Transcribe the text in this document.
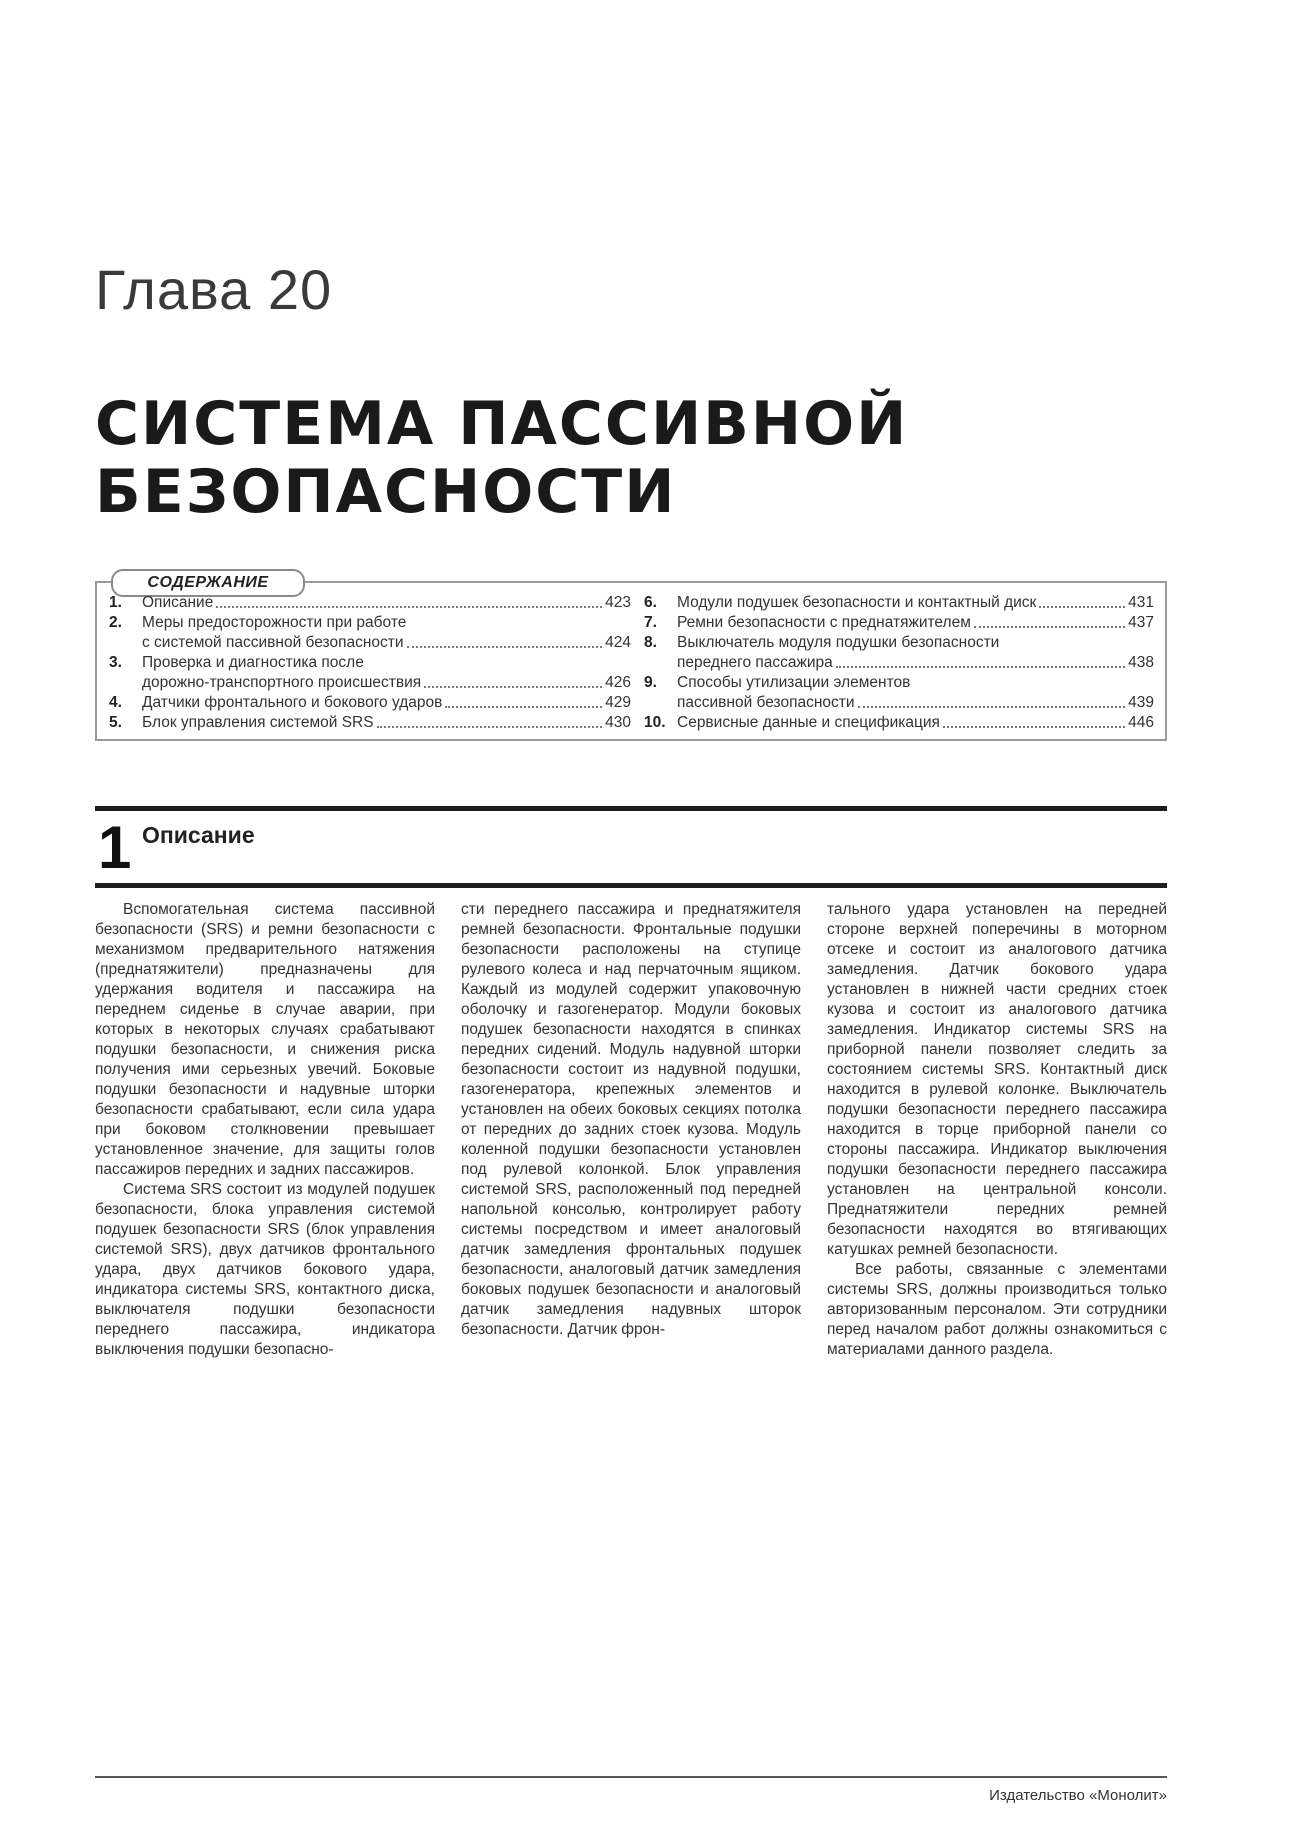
Глава 20
СИСТЕМА ПАССИВНОЙ
БЕЗОПАСНОСТИ
СОДЕРЖАНИЕ
1.	Описание	423
2.	Меры предосторожности при работе
с системой пассивной безопасности	424
3.	Проверка и диагностика после
дорожно-транспортного происшествия	426
4.	Датчики фронтального и бокового ударов	429
5.	Блок управления системой SRS	430
6.	Модули подушек безопасности и контактный диск	431
7.	Ремни безопасности с преднатяжителем	437
8.	Выключатель модуля подушки безопасности
переднего пассажира	438
9.	Способы утилизации элементов
пассивной безопасности	439
10. Сервисные данные и спецификация	446
1 Описание

Вспомогательная система пассивной безопасности (SRS) и ремни безопасности с механизмом предварительного натяжения (преднатяжители) предназначены для удержания водителя и пассажира на переднем сиденье в случае аварии, при которых в некоторых случаях срабатывают подушки безопасности, и снижения риска получения ими серьезных увечий. Боковые подушки безопасности и надувные шторки безопасности срабатывают, если сила удара при боковом столкновении превышает установленное значение, для защиты голов пассажиров передних и задних пассажиров.

Система SRS состоит из модулей подушек безопасности, блока управления системой подушек безопасности SRS (блок управления системой SRS), двух датчиков фронтального удара, двух датчиков бокового удара, индикатора системы SRS, контактного диска, выключателя подушки безопасности переднего пассажира, индикатора выключения подушки безопасно-

сти переднего пассажира и преднатяжителя ремней безопасности. Фронтальные подушки безопасности расположены на ступице рулевого колеса и над перчаточным ящиком. Каждый из модулей содержит упаковочную оболочку и газогенератор. Модули боковых подушек безопасности находятся в спинках передних сидений. Модуль надувной шторки безопасности состоит из надувной подушки, газогенератора, крепежных элементов и установлен на обеих боковых секциях потолка от передних до задних стоек кузова. Модуль коленной подушки безопасности установлен под рулевой колонкой. Блок управления системой SRS, расположенный под передней напольной консолью, контролирует работу системы посредством и имеет аналоговый датчик замедления фронтальных подушек безопасности, аналоговый датчик замедления боковых подушек безопасности и аналоговый датчик замедления надувных шторок безопасности. Датчик фрон-

тального удара установлен на передней стороне верхней поперечины в моторном отсеке и состоит из аналогового датчика замедления. Датчик бокового удара установлен в нижней части средних стоек кузова и состоит из аналогового датчика замедления. Индикатор системы SRS на приборной панели позволяет следить за состоянием системы SRS. Контактный диск находится в рулевой колонке. Выключатель подушки безопасности переднего пассажира находится в торце приборной панели со стороны пассажира. Индикатор выключения подушки безопасности переднего пассажира установлен на центральной консоли. Преднатяжители передних ремней безопасности находятся во втягивающих катушках ремней безопасности.

Все работы, связанные с элементами системы SRS, должны производиться только авторизованным персоналом. Эти сотрудники перед началом работ должны ознакомиться с материалами данного раздела.

Издательство «Монолит»
